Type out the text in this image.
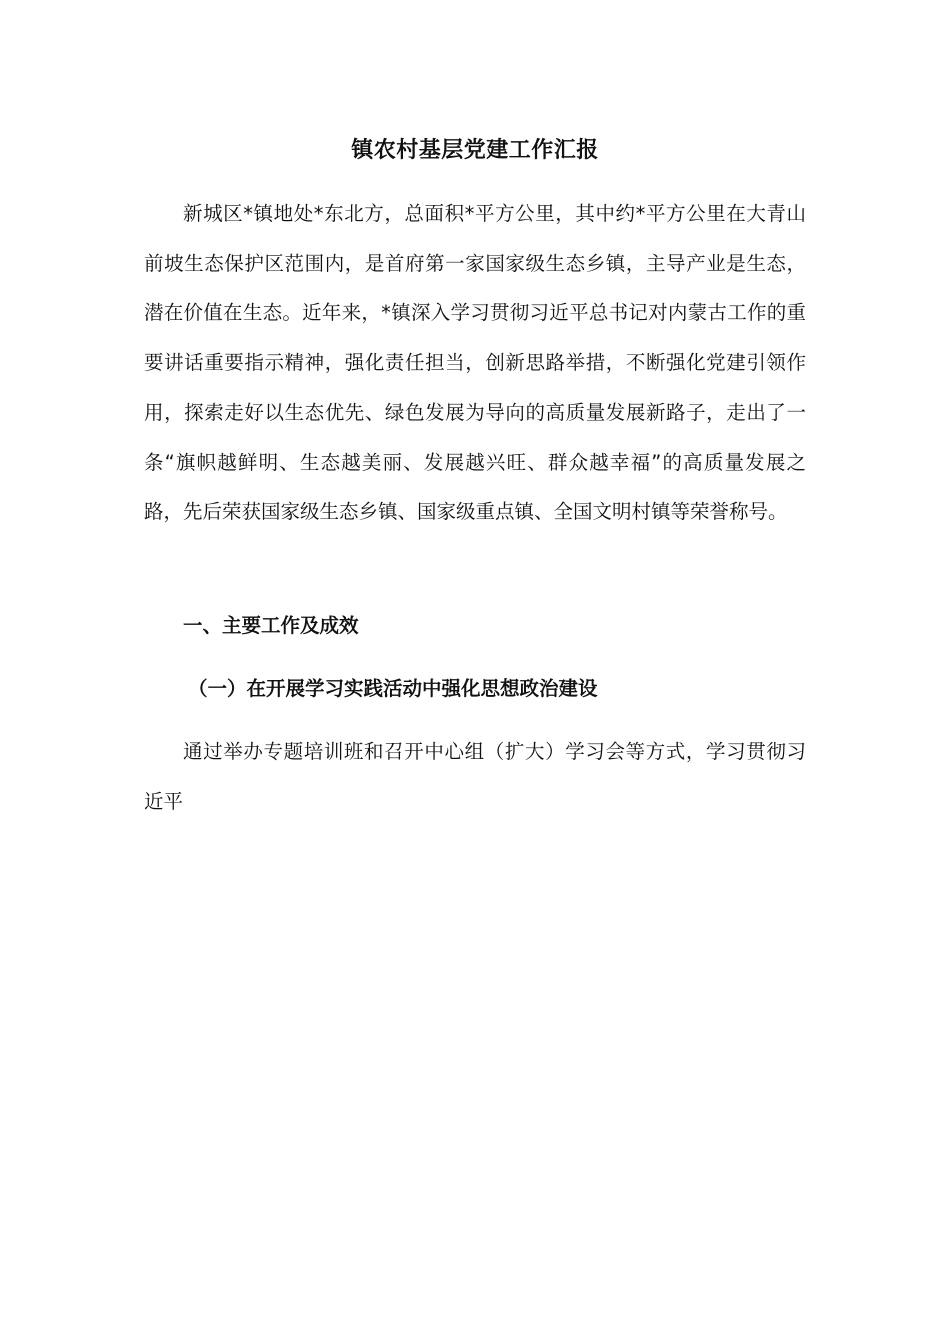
镇农村基层党建工作汇报

新城区*镇地处*东北方，总面积*平方公里，其中约*平方公里在大青山前坡生态保护区范围内，是首府第一家国家级生态乡镇，主导产业是生态，潜在价值在生态。近年来，*镇深入学习贯彻习近平总书记对内蒙古工作的重要讲话重要指示精神，强化责任担当，创新思路举措，不断强化党建引领作用，探索走好以生态优先、绿色发展为导向的高质量发展新路子，走出了一条“旗帜越鲜明、生态越美丽、发展越兴旺、群众越幸福”的高质量发展之路，先后荣获国家级生态乡镇、国家级重点镇、全国文明村镇等荣誉称号。

一、主要工作及成效

（一）在开展学习实践活动中强化思想政治建设

通过举办专题培训班和召开中心组（扩大）学习会等方式，学习贯彻习近平
